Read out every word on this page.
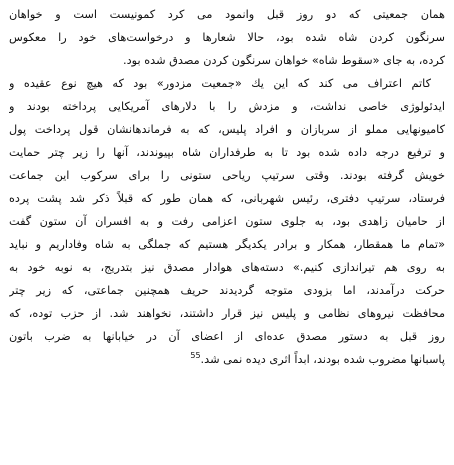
همان جمعیتی که دو روز قبل وانمود می کرد کمونیست است و خواهان
سرنگون کردن شاه شده بود، حالا شعارها و درخواست‌های خود را معکوس
کرده، به جای «سقوط شاه» خواهان سرنگون کردن مصدق شده بود.
کاتم اعتراف می کند که این یك «جمعیت مزدور» بود که هیچ نوع عقیده و
ایدئولوژی خاصی نداشت، و مزدش را با دلارهای آمریکایی پرداخته بودند و
کامیونهایی مملو از سربازان و افراد پلیس، که به فرماندهانشان قول پرداخت پول
و ترفیع درجه داده شده بود تا به طرفداران شاه بپیوندند، آنها را زیر چتر حمایت
خویش گرفته بودند. وقتی سرتیپ ریاحی ستونی را برای سرکوب این جماعت
فرستاد، سرتیپ دفتری، رئیس شهربانی، که همان طور که قبلاً ذکر شد پشت پرده
از حامیان زاهدی بود، به جلوی ستون اعزامی رفت و به افسران آن ستون گفت
«تمام ما همقطار، همکار و برادر یکدیگر هستیم که جملگی به شاه وفاداریم و نباید
به روی هم تیراندازی کنیم.» دسته‌های هوادار مصدق نیز بتدریج، به نوبه خود به
حرکت درآمدند، اما بزودی متوجه گردیدند حریف همچنین جماعتی، که زیر چتر
محافظت نیروهای نظامی و پلیس نیز قرار داشتند، نخواهند شد. از حزب توده، که
روز قبل به دستور مصدق عده‌ای از اعضای آن در خیابانها به ضرب باتون
پاسبانها مضروب شده بودند، ابداً اثری دیده نمی شد.$^{55}$
